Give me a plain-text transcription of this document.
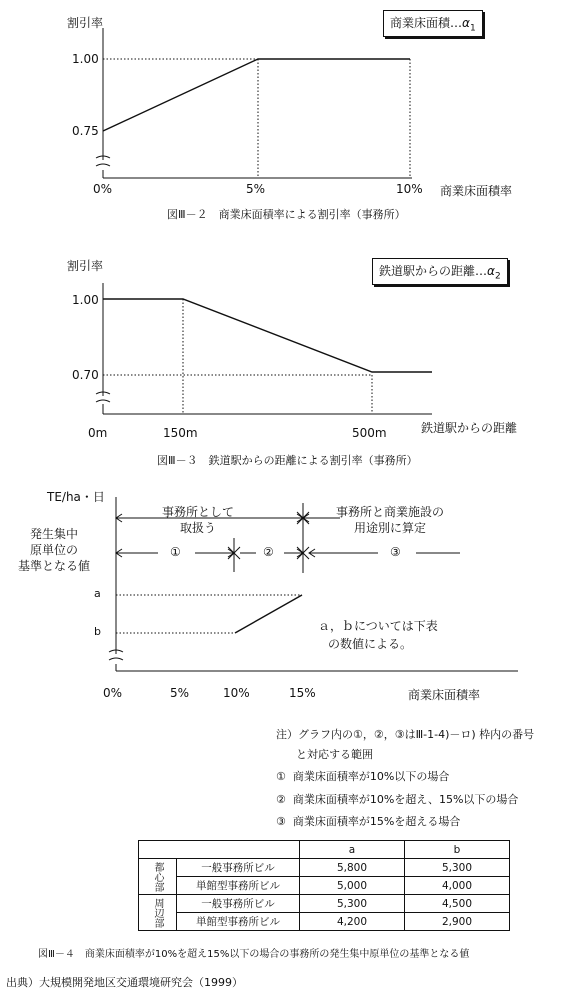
割引率	商業床面積$\dots\alpha_1$
1.00
0.75
0%	5%	10% 商業床面積率
図Ⅲ－２　商業床面積率による割引率（事務所）
割引率	鉄道駅からの距離$\dots\alpha_2$
1.00
0.70
0m	150m	500m	鉄道駅からの距離
図Ⅲ－３　鉄道駅からの距離による割引率（事務所）
TE/ha・日
発生集中
原単位の
基準となる値
事務所として
取扱う
事務所と商業施設の
用途別に算定
①	②	③
a
b	ａ，ｂについては下表
の数値による。
0%	5%	10%	15%	商業床面積率
注）グラフ内の①，②，③はⅢ-1-4)－ロ) 枠内の番号
と対応する範囲
① 商業床面積率が10%以下の場合
② 商業床面積率が10%を超え、15%以下の場合
③ 商業床面積率が15%を超える場合
		a	b
都心部	一般事務所ビル	5,800	5,300
	単館型事務所ビル	5,000	4,000
周辺部	一般事務所ビル	5,300	4,500
	単館型事務所ビル	4,200	2,900
図Ⅲ－４　商業床面積率が10%を超え15%以下の場合の事務所の発生集中原単位の基準となる値
出典）大規模開発地区交通環境研究会（1999）
